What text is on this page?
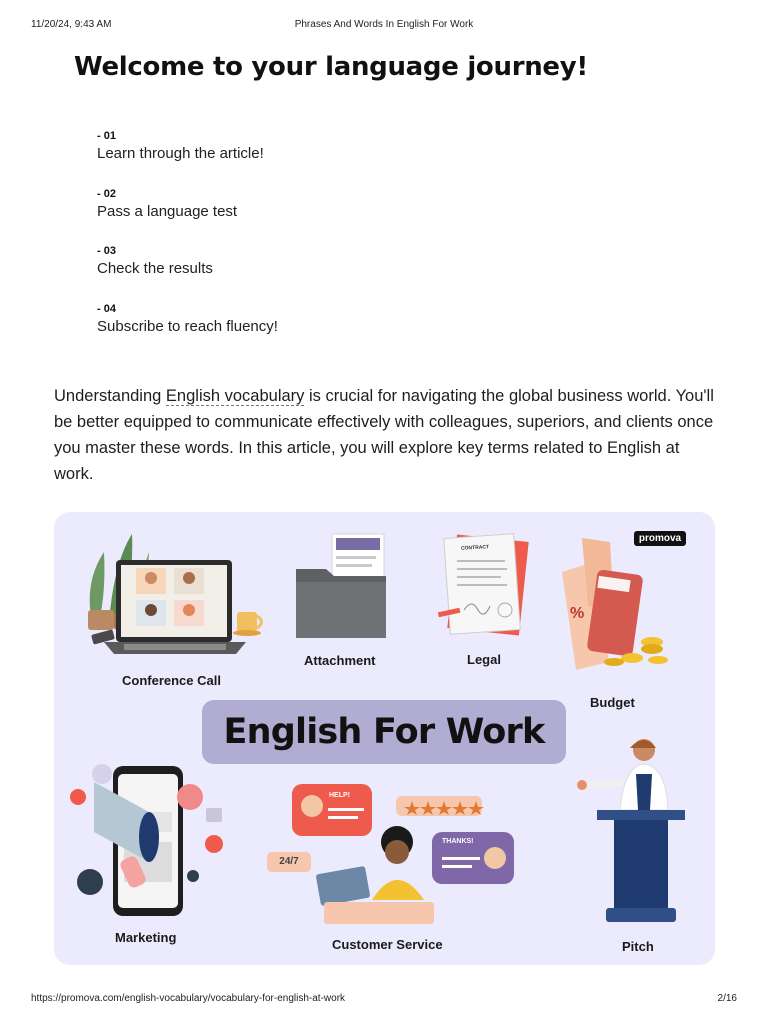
11/20/24, 9:43 AM	Phrases And Words In English For Work
Welcome to your language journey!
- 01
Learn through the article!
- 02
Pass a language test
- 03
Check the results
- 04
Subscribe to reach fluency!

Understanding English vocabulary is crucial for navigating the global business world. You'll be better equipped to communicate effectively with colleagues, superiors, and clients once you master these words. In this article, you will explore key terms related to English at work.

%
promova
CONTRACT
HELP!
THANKS!
24/7
English For Work
Conference Call
Attachment	Legal
Budget
Marketing	Customer Service	Pitch
https://promova.com/english-vocabulary/vocabulary-for-english-at-work	2/16
